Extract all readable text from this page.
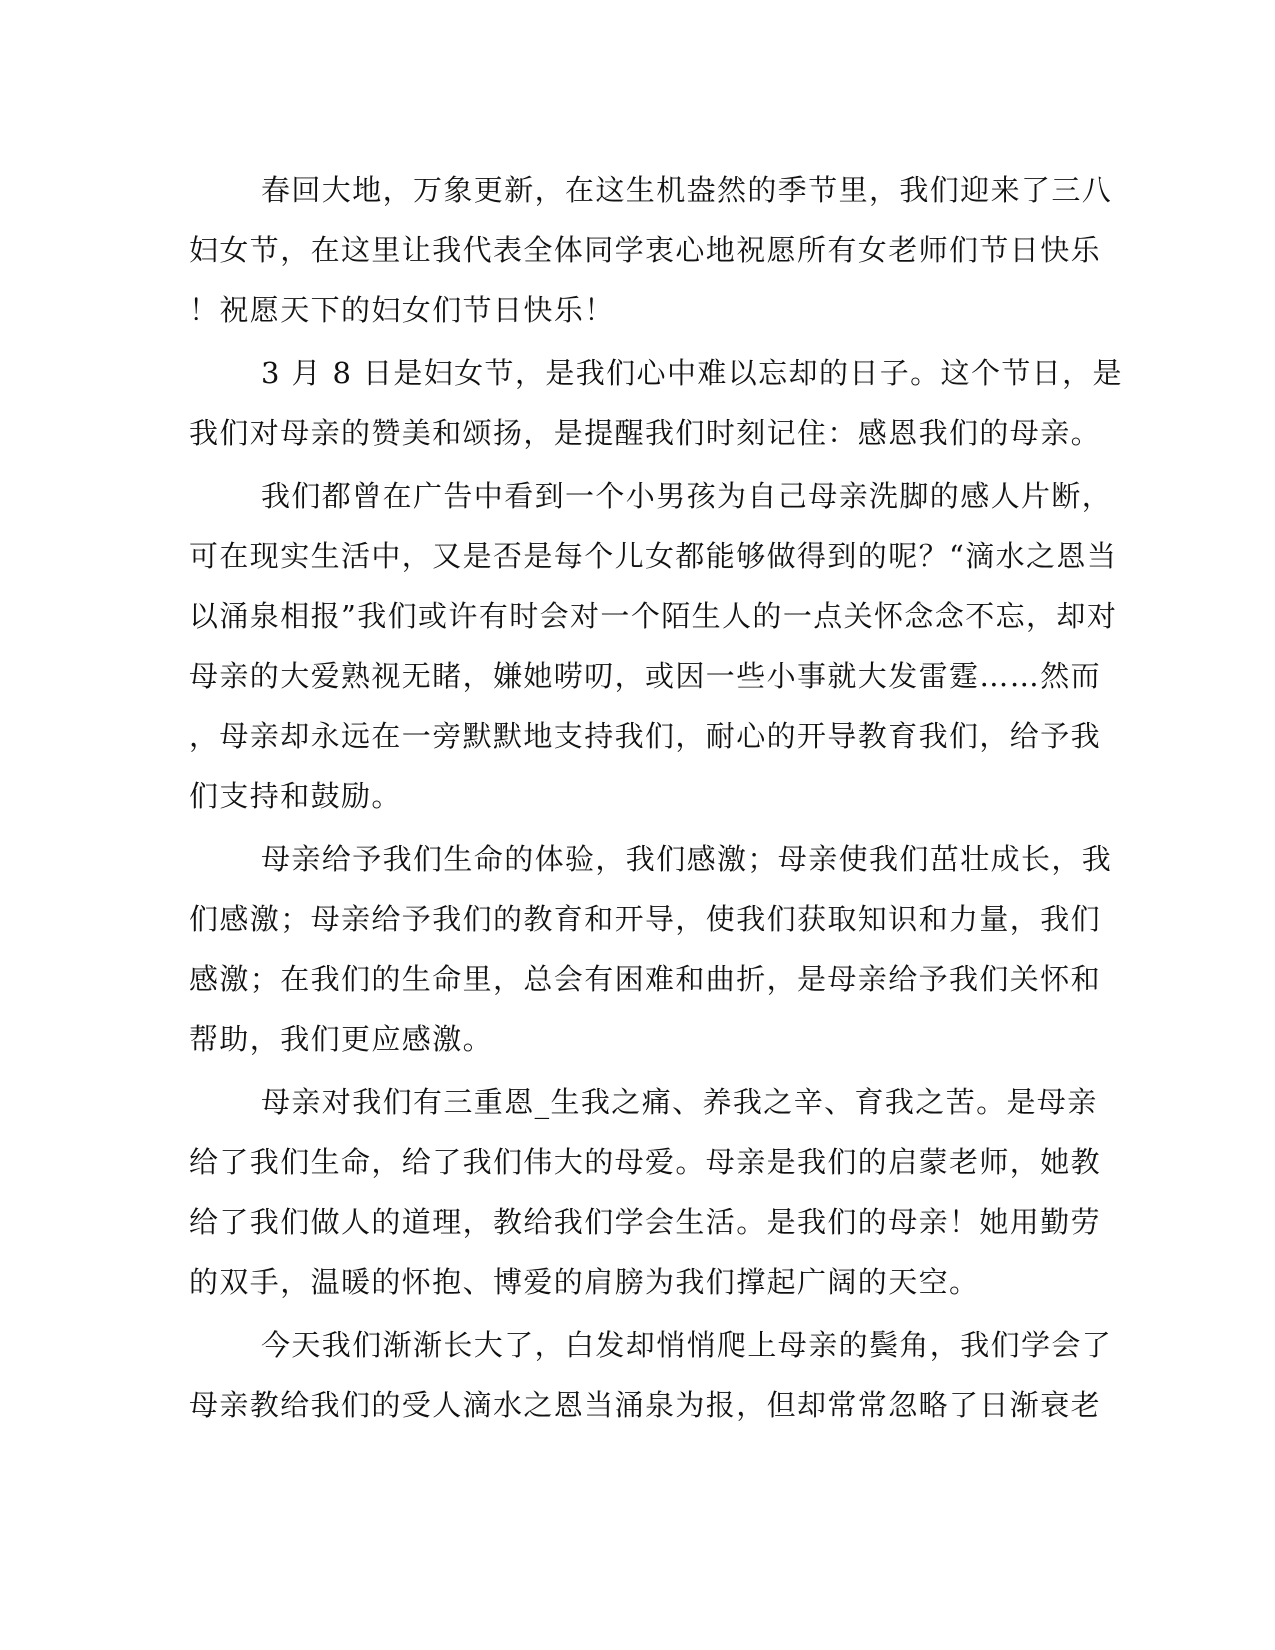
春回大地，万象更新，在这生机盎然的季节里，我们迎来了三八
妇女节，在这里让我代表全体同学衷心地祝愿所有女老师们节日快乐
！祝愿天下的妇女们节日快乐！
3 月 8 日是妇女节，是我们心中难以忘却的日子。这个节日，是
我们对母亲的赞美和颂扬，是提醒我们时刻记住：感恩我们的母亲。
我们都曾在广告中看到一个小男孩为自己母亲洗脚的感人片断，
可在现实生活中，又是否是每个儿女都能够做得到的呢？“滴水之恩当
以涌泉相报”我们或许有时会对一个陌生人的一点关怀念念不忘，却对
母亲的大爱熟视无睹，嫌她唠叨，或因一些小事就大发雷霆……然而
，母亲却永远在一旁默默地支持我们，耐心的开导教育我们，给予我
们支持和鼓励。
母亲给予我们生命的体验，我们感激；母亲使我们茁壮成长，我
们感激；母亲给予我们的教育和开导，使我们获取知识和力量，我们
感激；在我们的生命里，总会有困难和曲折，是母亲给予我们关怀和
帮助，我们更应感激。
母亲对我们有三重恩_生我之痛、养我之辛、育我之苦。是母亲
给了我们生命，给了我们伟大的母爱。母亲是我们的启蒙老师，她教
给了我们做人的道理，教给我们学会生活。是我们的母亲！她用勤劳
的双手，温暖的怀抱、博爱的肩膀为我们撑起广阔的天空。
今天我们渐渐长大了，白发却悄悄爬上母亲的鬓角，我们学会了
母亲教给我们的受人滴水之恩当涌泉为报，但却常常忽略了日渐衰老
